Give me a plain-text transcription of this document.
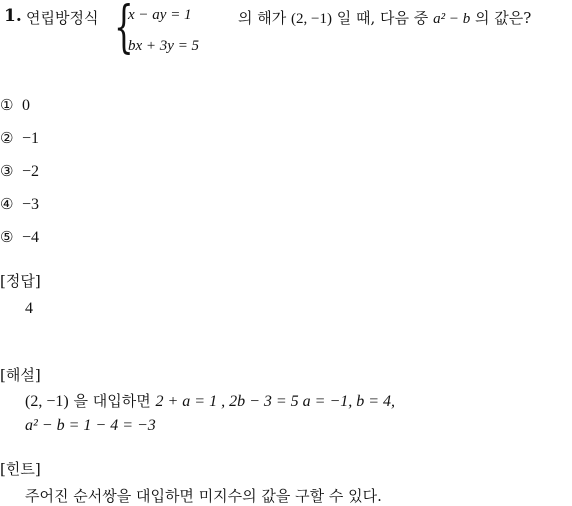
1. 연립방정식 {
x − ay = 1
bx + 3y = 5
의 해가 (2, −1) 일 때, 다음 중 a² − b 의 값은?
① 0
② −1
③ −2
④ −3
⑤ −4
[정답]
4
[해설]
(2, −1) 을 대입하면 2 + a = 1 , 2b − 3 = 5 a = −1, b = 4,
a² − b = 1 − 4 = −3
[힌트]
주어진 순서쌍을 대입하면 미지수의 값을 구할 수 있다.
